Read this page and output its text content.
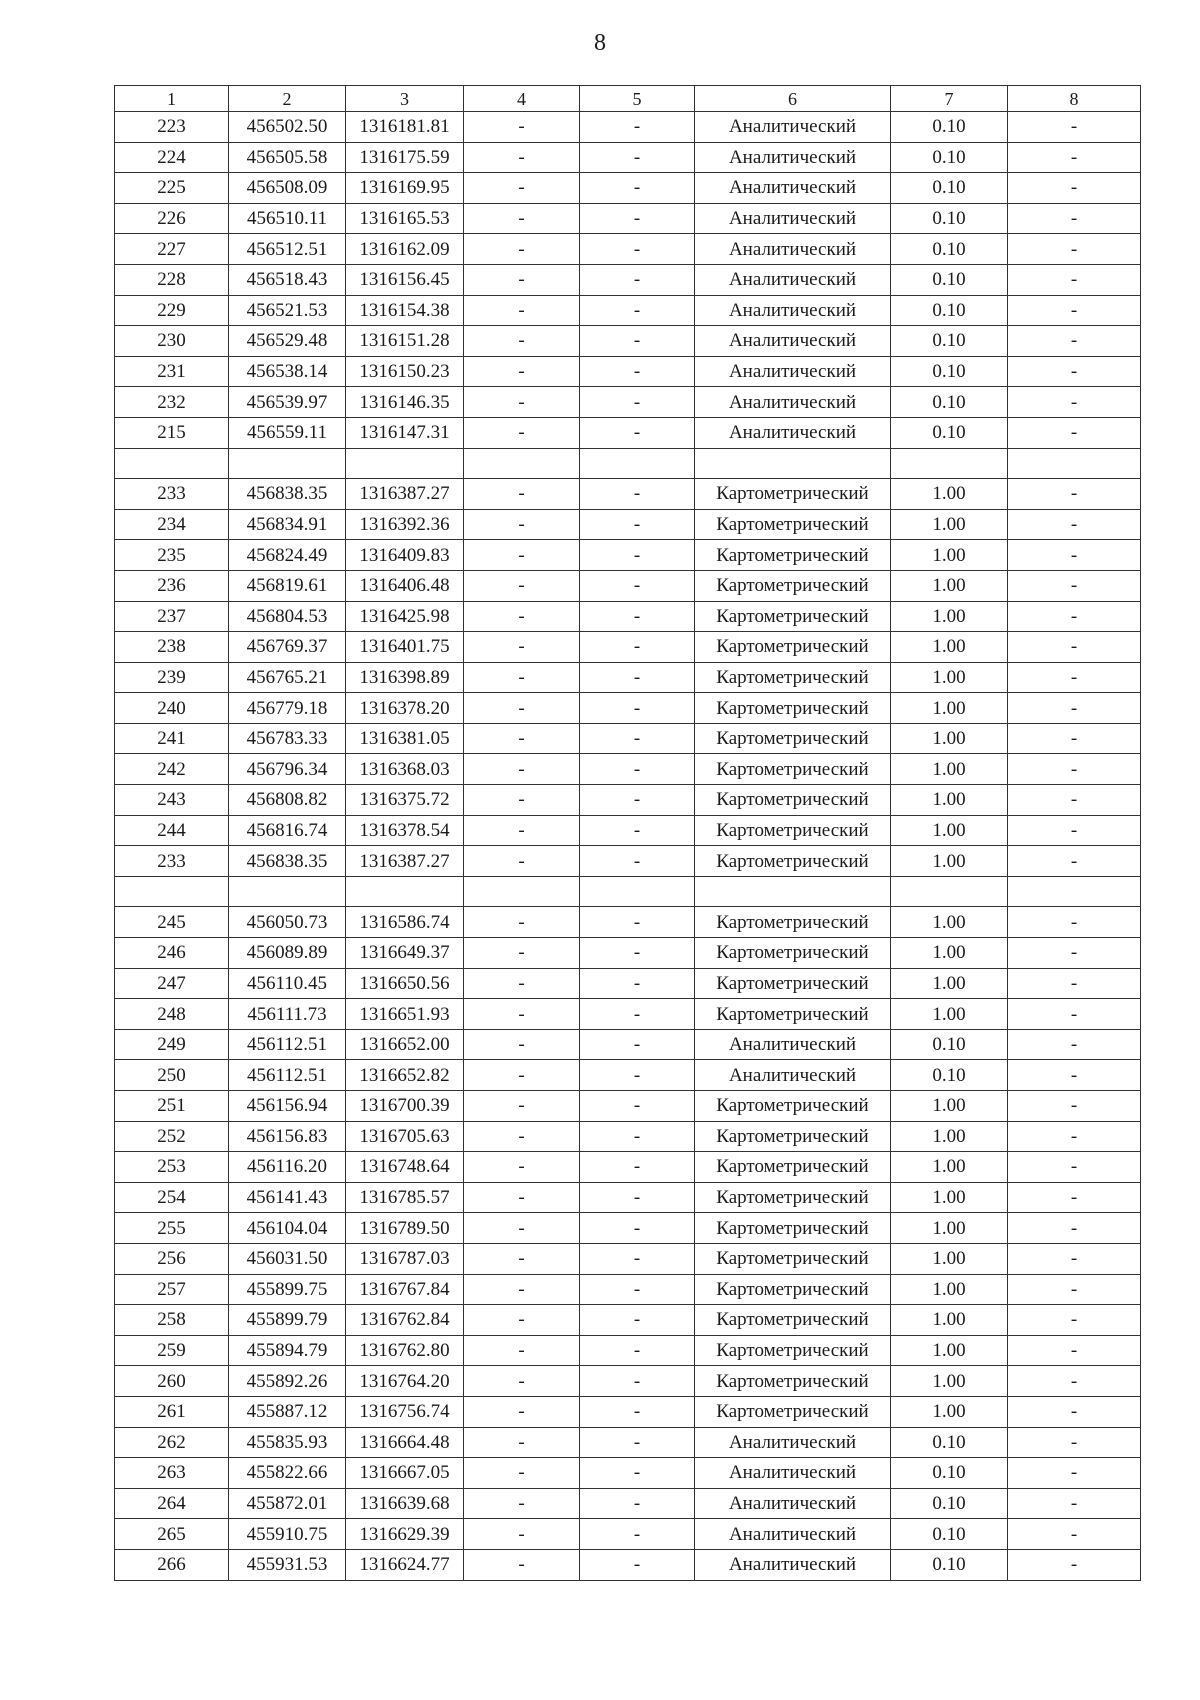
8
1	2	3	4	5	6	7	8
223	456502.50	1316181.81	-	-	Аналитический	0.10	-
224	456505.58	1316175.59	-	-	Аналитический	0.10	-
225	456508.09	1316169.95	-	-	Аналитический	0.10	-
226	456510.11	1316165.53	-	-	Аналитический	0.10	-
227	456512.51	1316162.09	-	-	Аналитический	0.10	-
228	456518.43	1316156.45	-	-	Аналитический	0.10	-
229	456521.53	1316154.38	-	-	Аналитический	0.10	-
230	456529.48	1316151.28	-	-	Аналитический	0.10	-
231	456538.14	1316150.23	-	-	Аналитический	0.10	-
232	456539.97	1316146.35	-	-	Аналитический	0.10	-
215	456559.11	1316147.31	-	-	Аналитический	0.10	-

233	456838.35	1316387.27	-	-	Картометрический	1.00	-
234	456834.91	1316392.36	-	-	Картометрический	1.00	-
235	456824.49	1316409.83	-	-	Картометрический	1.00	-
236	456819.61	1316406.48	-	-	Картометрический	1.00	-
237	456804.53	1316425.98	-	-	Картометрический	1.00	-
238	456769.37	1316401.75	-	-	Картометрический	1.00	-
239	456765.21	1316398.89	-	-	Картометрический	1.00	-
240	456779.18	1316378.20	-	-	Картометрический	1.00	-
241	456783.33	1316381.05	-	-	Картометрический	1.00	-
242	456796.34	1316368.03	-	-	Картометрический	1.00	-
243	456808.82	1316375.72	-	-	Картометрический	1.00	-
244	456816.74	1316378.54	-	-	Картометрический	1.00	-
233	456838.35	1316387.27	-	-	Картометрический	1.00	-

245	456050.73	1316586.74	-	-	Картометрический	1.00	-
246	456089.89	1316649.37	-	-	Картометрический	1.00	-
247	456110.45	1316650.56	-	-	Картометрический	1.00	-
248	456111.73	1316651.93	-	-	Картометрический	1.00	-
249	456112.51	1316652.00	-	-	Аналитический	0.10	-
250	456112.51	1316652.82	-	-	Аналитический	0.10	-
251	456156.94	1316700.39	-	-	Картометрический	1.00	-
252	456156.83	1316705.63	-	-	Картометрический	1.00	-
253	456116.20	1316748.64	-	-	Картометрический	1.00	-
254	456141.43	1316785.57	-	-	Картометрический	1.00	-
255	456104.04	1316789.50	-	-	Картометрический	1.00	-
256	456031.50	1316787.03	-	-	Картометрический	1.00	-
257	455899.75	1316767.84	-	-	Картометрический	1.00	-
258	455899.79	1316762.84	-	-	Картометрический	1.00	-
259	455894.79	1316762.80	-	-	Картометрический	1.00	-
260	455892.26	1316764.20	-	-	Картометрический	1.00	-
261	455887.12	1316756.74	-	-	Картометрический	1.00	-
262	455835.93	1316664.48	-	-	Аналитический	0.10	-
263	455822.66	1316667.05	-	-	Аналитический	0.10	-
264	455872.01	1316639.68	-	-	Аналитический	0.10	-
265	455910.75	1316629.39	-	-	Аналитический	0.10	-
266	455931.53	1316624.77	-	-	Аналитический	0.10	-
